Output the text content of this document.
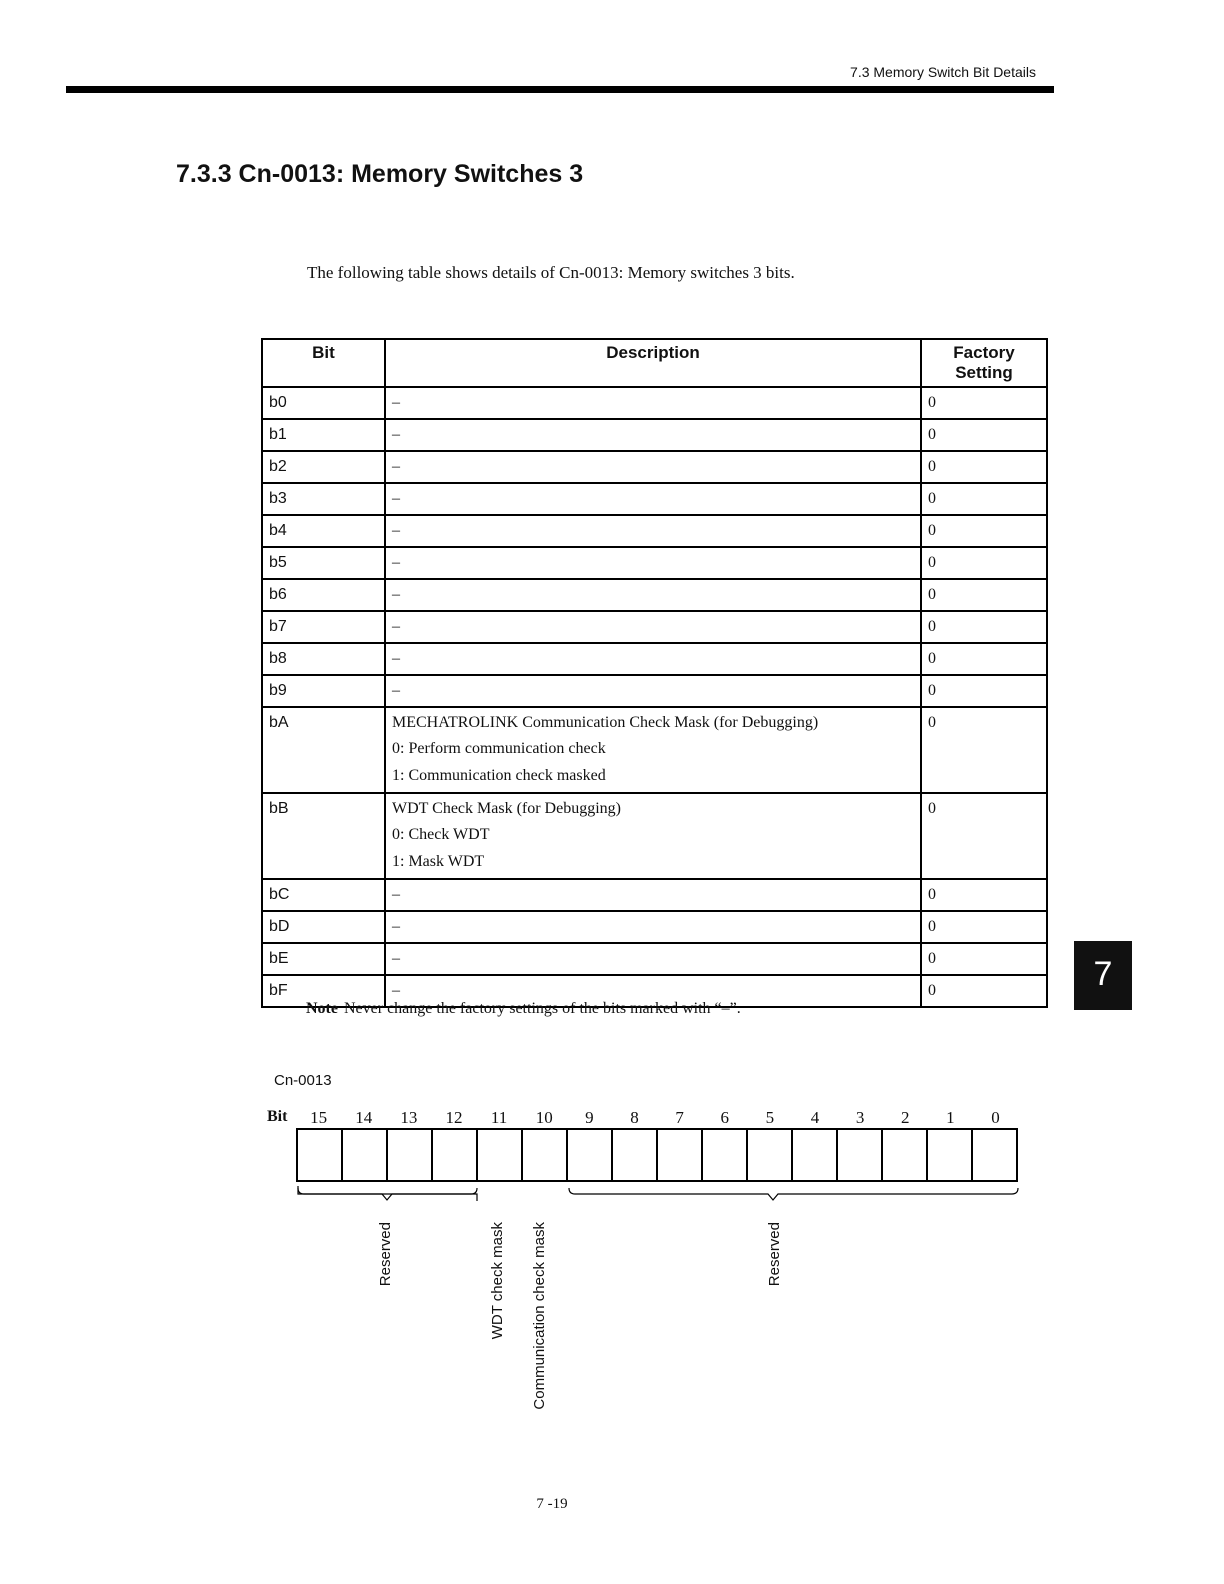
7.3 Memory Switch Bit Details
7.3.3 Cn-0013: Memory Switches 3
The following table shows details of Cn-0013: Memory switches 3 bits.
Bit	Description	Factory Setting
b0	–	0
b1	–	0
b2	–	0
b3	–	0
b4	–	0
b5	–	0
b6	–	0
b7	–	0
b8	–	0
b9	–	0
bA	MECHATROLINK Communication Check Mask (for Debugging)
0: Perform communication check
1: Communication check masked	0
bB	WDT Check Mask (for Debugging)
0: Check WDT
1: Mask WDT	0
bC	–	0
bD	–	0
bE	–	0
bF	–	0
Note Never change the factory settings of the bits marked with “–”.
Cn-0013
Bit	15	14	13	12	11	10	9	8	7	6	5	4	3	2	1	0
Reserved	WDT check mask Communication check mask	Reserved
7
7 -19
